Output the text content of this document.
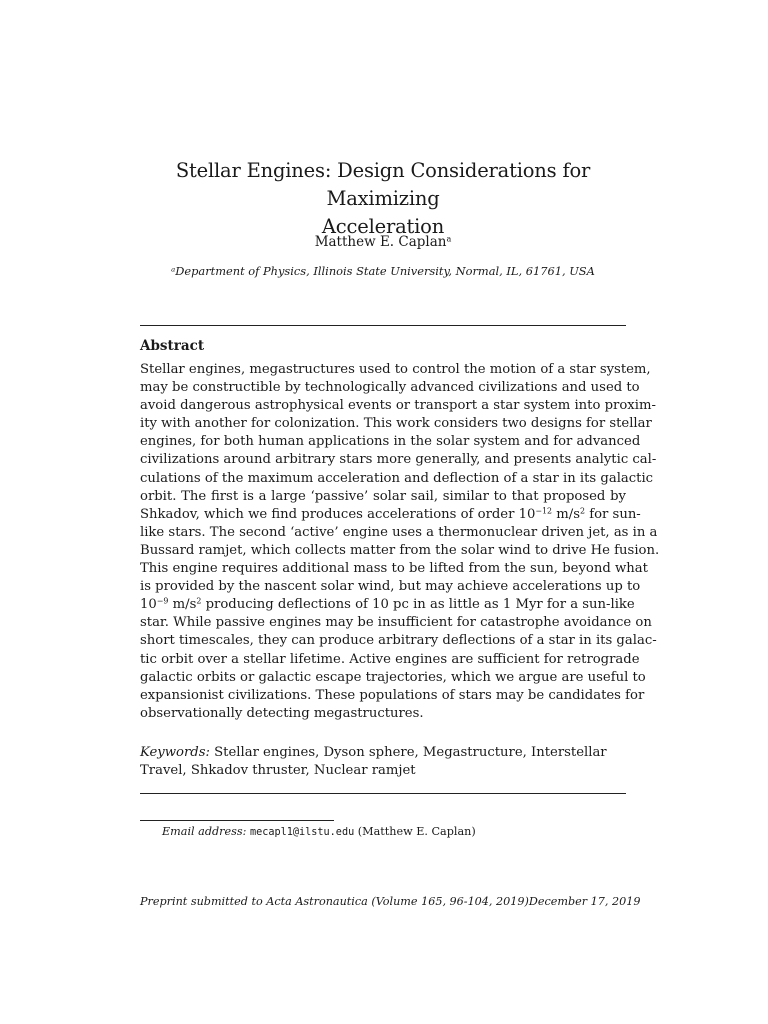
Stellar Engines: Design Considerations for Maximizing
Acceleration
Matthew E. Caplan$^a$
$^a$Department of Physics, Illinois State University, Normal, IL, 61761, USA
Abstract
Stellar engines, megastructures used to control the motion of a star system,
may be constructible by technologically advanced civilizations and used to
avoid dangerous astrophysical events or transport a star system into proxim-
ity with another for colonization. This work considers two designs for stellar
engines, for both human applications in the solar system and for advanced
civilizations around arbitrary stars more generally, and presents analytic cal-
culations of the maximum acceleration and deflection of a star in its galactic
orbit. The first is a large ‘passive’ solar sail, similar to that proposed by
Shkadov, which we find produces accelerations of order $10^{-12}$ $m/s^2$ for sun-
like stars. The second ‘active’ engine uses a thermonuclear driven jet, as in a
Bussard ramjet, which collects matter from the solar wind to drive He fusion.
This engine requires additional mass to be lifted from the sun, beyond what
is provided by the nascent solar wind, but may achieve accelerations up to
$10^{-9}$ $m/s^2$ producing deflections of 10 pc in as little as 1 Myr for a sun-like
star. While passive engines may be insufficient for catastrophe avoidance on
short timescales, they can produce arbitrary deflections of a star in its galac-
tic orbit over a stellar lifetime. Active engines are sufficient for retrograde
galactic orbits or galactic escape trajectories, which we argue are useful to
expansionist civilizations. These populations of stars may be candidates for
observationally detecting megastructures.
Keywords: Stellar engines, Dyson sphere, Megastructure, Interstellar
Travel, Shkadov thruster, Nuclear ramjet
Email address: mecapl1@ilstu.edu (Matthew E. Caplan)
Preprint submitted to Acta Astronautica (Volume 165, 96-104, 2019) December 17, 2019
